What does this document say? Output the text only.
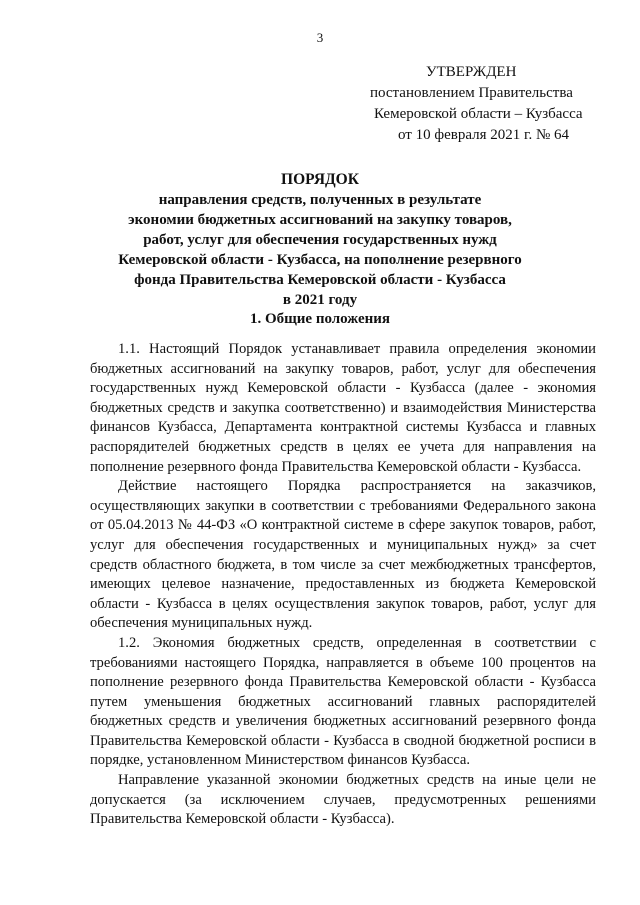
3
УТВЕРЖДЕН
постановлением Правительства
Кемеровской области – Кузбасса
от 10 февраля 2021 г. № 64
ПОРЯДОК
направления средств, полученных в результате
экономии бюджетных ассигнований на закупку товаров,
работ, услуг для обеспечения государственных нужд
Кемеровской области - Кузбасса, на пополнение резервного
фонда Правительства Кемеровской области - Кузбасса
в 2021 году
1. Общие положения

1.1. Настоящий Порядок устанавливает правила определения экономии бюджетных ассигнований на закупку товаров, работ, услуг для обеспечения государственных нужд Кемеровской области - Кузбасса (далее - экономия бюджетных средств и закупка соответственно) и взаимодействия Министерства финансов Кузбасса, Департамента контрактной системы Кузбасса и главных распорядителей бюджетных средств в целях ее учета для направления на пополнение резервного фонда Правительства Кемеровской области - Кузбасса.

Действие настоящего Порядка распространяется на заказчиков, осуществляющих закупки в соответствии с требованиями Федерального закона от 05.04.2013 № 44-ФЗ «О контрактной системе в сфере закупок товаров, работ, услуг для обеспечения государственных и муниципальных нужд» за счет средств областного бюджета, в том числе за счет межбюджетных трансфертов, имеющих целевое назначение, предоставленных из бюджета Кемеровской области - Кузбасса в целях осуществления закупок товаров, работ, услуг для обеспечения муниципальных нужд.

1.2. Экономия бюджетных средств, определенная в соответствии с требованиями настоящего Порядка, направляется в объеме 100 процентов на пополнение резервного фонда Правительства Кемеровской области - Кузбасса путем уменьшения бюджетных ассигнований главных распорядителей бюджетных средств и увеличения бюджетных ассигнований резервного фонда Правительства Кемеровской области - Кузбасса в сводной бюджетной росписи в порядке, установленном Министерством финансов Кузбасса.

Направление указанной экономии бюджетных средств на иные цели не допускается (за исключением случаев, предусмотренных решениями Правительства Кемеровской области - Кузбасса).
